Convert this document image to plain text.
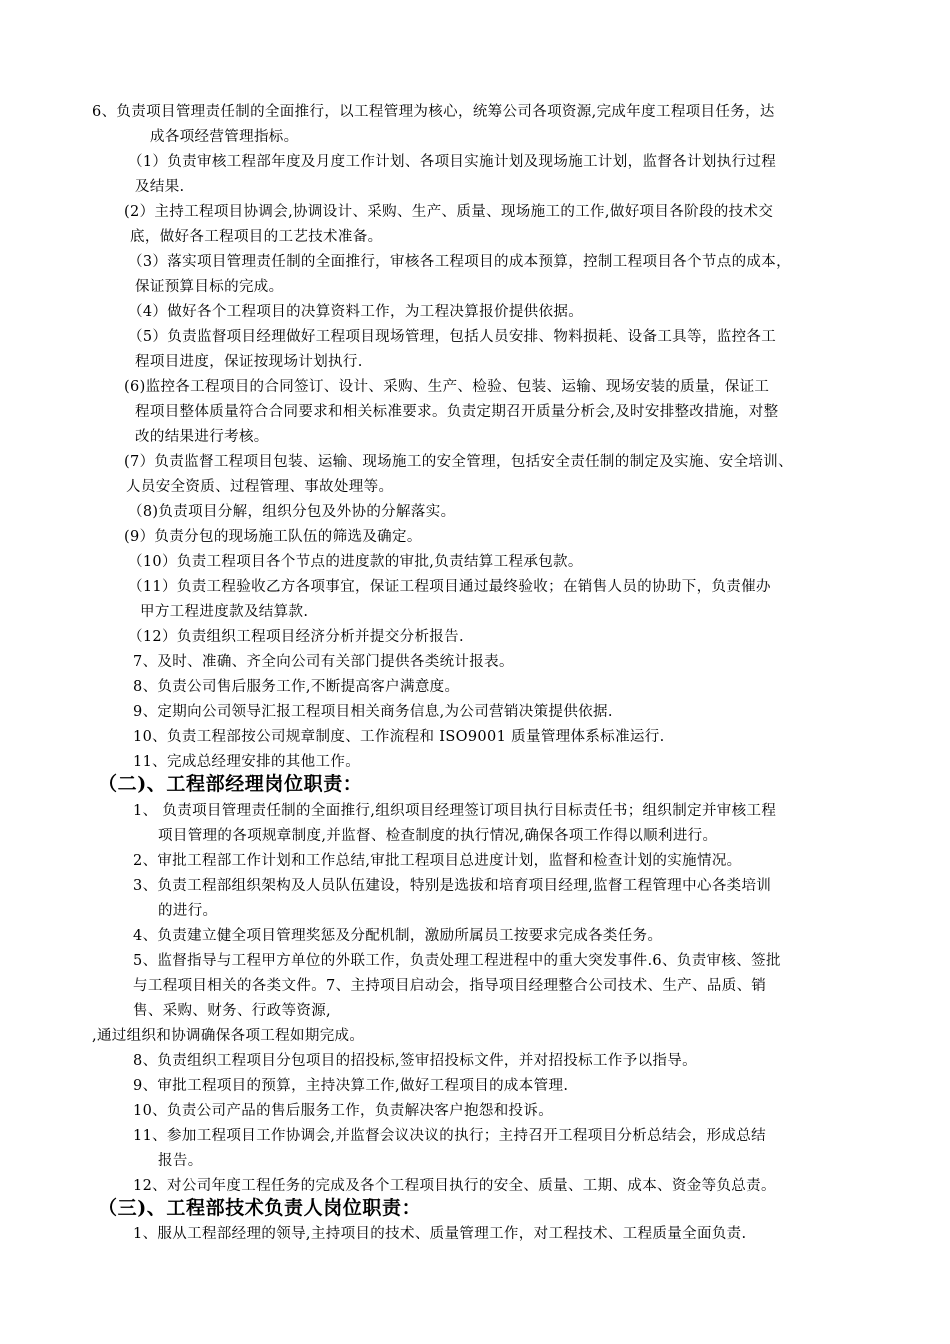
6、负责项目管理责任制的全面推行，以工程管理为核心，统筹公司各项资源,完成年度工程项目任务，达
成各项经营管理指标。
（1）负责审核工程部年度及月度工作计划、各项目实施计划及现场施工计划，监督各计划执行过程
及结果.
(2）主持工程项目协调会,协调设计、采购、生产、质量、现场施工的工作,做好项目各阶段的技术交
底，做好各工程项目的工艺技术准备。
（3）落实项目管理责任制的全面推行，审核各工程项目的成本预算，控制工程项目各个节点的成本，
保证预算目标的完成。
（4）做好各个工程项目的决算资料工作，为工程决算报价提供依据。
（5）负责监督项目经理做好工程项目现场管理，包括人员安排、物料损耗、设备工具等，监控各工
程项目进度，保证按现场计划执行.
(6)监控各工程项目的合同签订、设计、采购、生产、检验、包装、运输、现场安装的质量，保证工
程项目整体质量符合合同要求和相关标准要求。负责定期召开质量分析会,及时安排整改措施，对整
改的结果进行考核。
(7）负责监督工程项目包装、运输、现场施工的安全管理，包括安全责任制的制定及实施、安全培训、
人员安全资质、过程管理、事故处理等。
（8)负责项目分解，组织分包及外协的分解落实。
(9）负责分包的现场施工队伍的筛选及确定。
（10）负责工程项目各个节点的进度款的审批,负责结算工程承包款。
（11）负责工程验收乙方各项事宜，保证工程项目通过最终验收；在销售人员的协助下，负责催办
甲方工程进度款及结算款.
（12）负责组织工程项目经济分析并提交分析报告.
7、及时、准确、齐全向公司有关部门提供各类统计报表。
8、负责公司售后服务工作,不断提高客户满意度。
9、定期向公司领导汇报工程项目相关商务信息,为公司营销决策提供依据.
10、负责工程部按公司规章制度、工作流程和 ISO9001 质量管理体系标准运行.
11、完成总经理安排的其他工作。
（二)、工程部经理岗位职责：
1、 负责项目管理责任制的全面推行,组织项目经理签订项目执行目标责任书；组织制定并审核工程
项目管理的各项规章制度,并监督、检查制度的执行情况,确保各项工作得以顺利进行。
2、审批工程部工作计划和工作总结,审批工程项目总进度计划，监督和检查计划的实施情况。
3、负责工程部组织架构及人员队伍建设，特别是选拔和培育项目经理,监督工程管理中心各类培训
的进行。
4、负责建立健全项目管理奖惩及分配机制，激励所属员工按要求完成各类任务。
5、监督指导与工程甲方单位的外联工作，负责处理工程进程中的重大突发事件.6、负责审核、签批
与工程项目相关的各类文件。7、主持项目启动会，指导项目经理整合公司技术、生产、品质、销
售、采购、财务、行政等资源,
,通过组织和协调确保各项工程如期完成。
8、负责组织工程项目分包项目的招投标,签审招投标文件，并对招投标工作予以指导。
9、审批工程项目的预算，主持决算工作,做好工程项目的成本管理.
10、负责公司产品的售后服务工作，负责解决客户抱怨和投诉。
11、参加工程项目工作协调会,并监督会议决议的执行；主持召开工程项目分析总结会，形成总结
报告。
12、对公司年度工程任务的完成及各个工程项目执行的安全、质量、工期、成本、资金等负总责。
（三)、工程部技术负责人岗位职责：
1、服从工程部经理的领导,主持项目的技术、质量管理工作，对工程技术、工程质量全面负责.
